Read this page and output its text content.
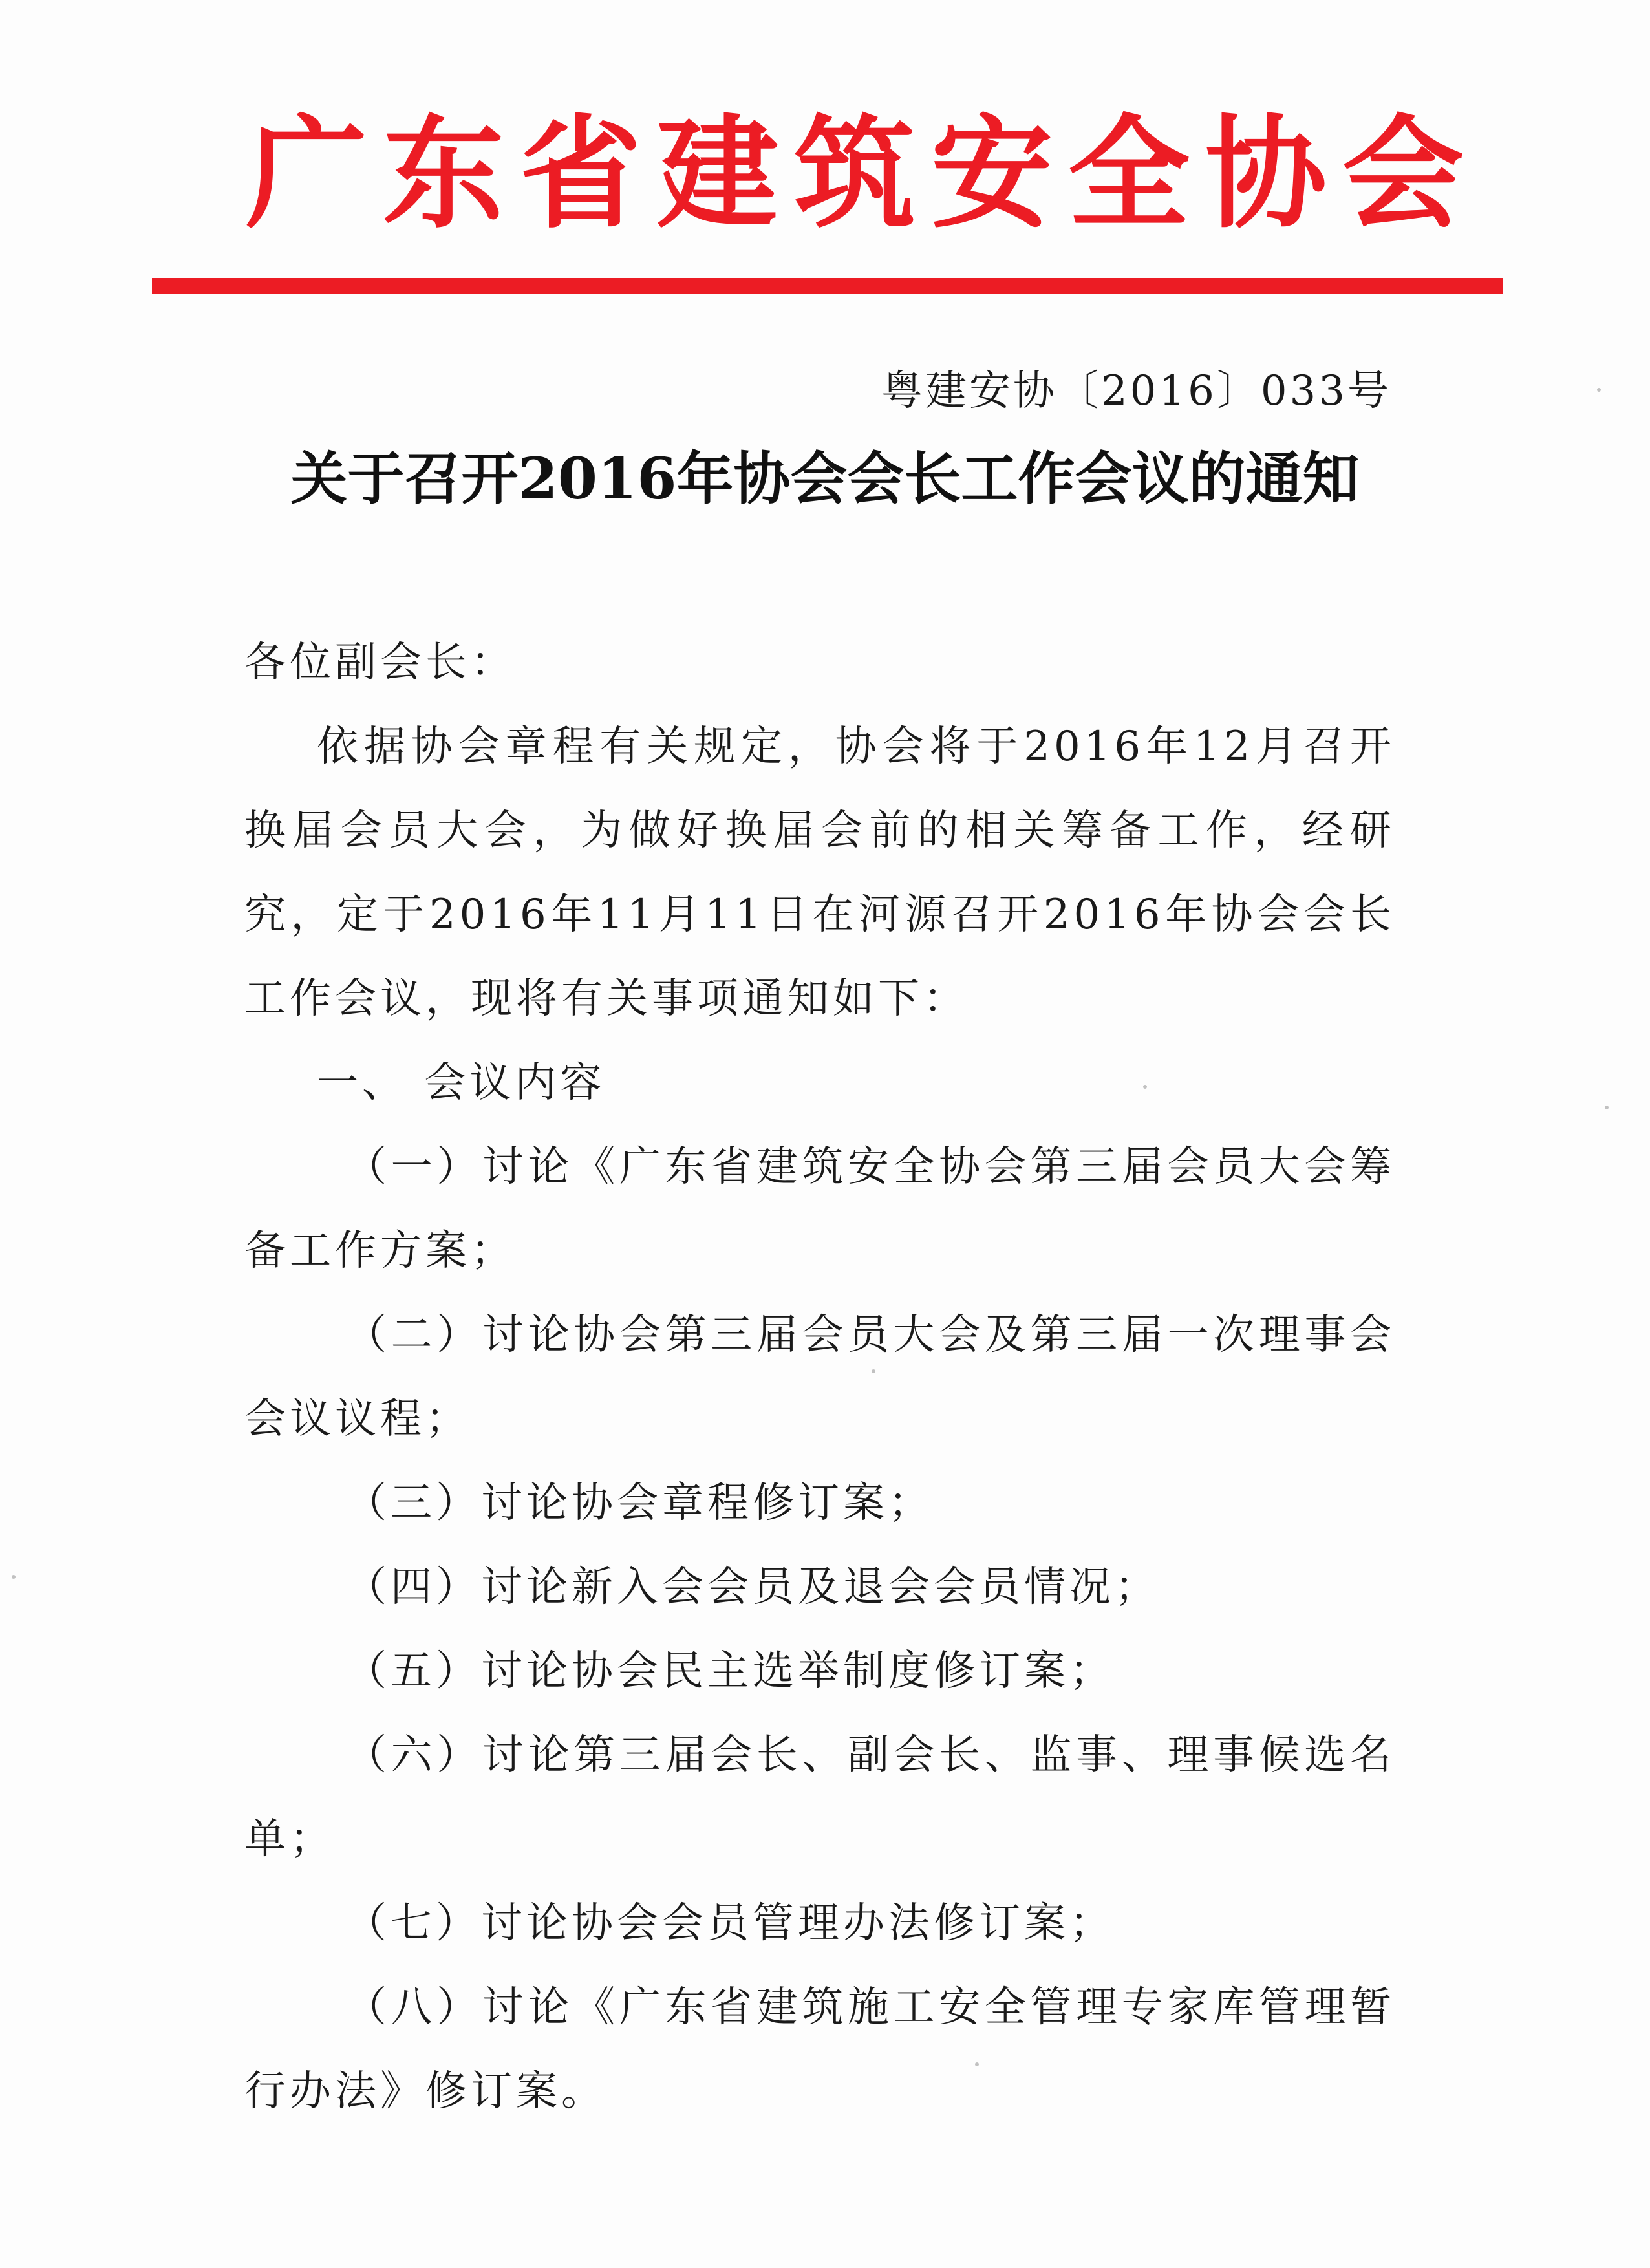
广东省建筑安全协会
粤建安协〔2016〕033号
关于召开2016年协会会长工作会议的通知

各位副会长：

依据协会章程有关规定，协会将于2016年12月召开换届会员大会，为做好换届会前的相关筹备工作，经研究，定于2016年11月11日在河源召开2016年协会会长工作会议，现将有关事项通知如下：

一、 会议内容

（一）讨论《广东省建筑安全协会第三届会员大会筹备工作方案；

（二）讨论协会第三届会员大会及第三届一次理事会会议议程；

（三）讨论协会章程修订案；

（四）讨论新入会会员及退会会员情况；

（五）讨论协会民主选举制度修订案；

（六）讨论第三届会长、副会长、监事、理事候选名单；

（七）讨论协会会员管理办法修订案；

（八）讨论《广东省建筑施工安全管理专家库管理暂行办法》修订案。
